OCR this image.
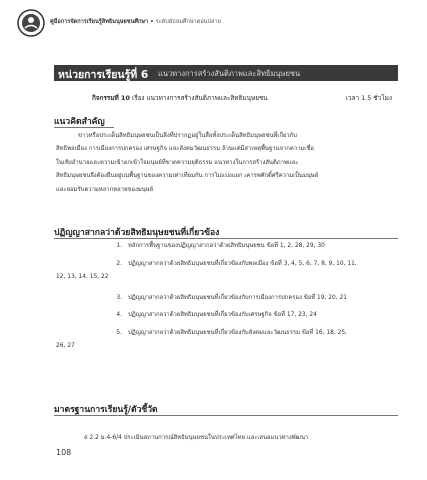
คู่มือการจัดการเรียนรู้สิทธิมนุษยชนศึกษา • ระดับมัธยมศึกษาตอนปลาย
หน่วยการเรียนรู้ที่ 6 แนวทางการสร้างสันติภาพและสิทธิมนุษยชน
กิจกรรมที่ 10 เรื่อง แนวทางการสร้างสันติภาพและสิทธิมนุษยชน	เวลา 1.5 ชั่วโมง
แนวคิดสำคัญ
ข่าวหรือประเด็นสิทธิมนุษยชนเป็นสิ่งที่ปรากฏอยู่ในสื่อทั้งประเด็นสิทธิมนุษยชนที่เกี่ยวกับ
สิทธิพลเมือง การเมืองการปกครอง เศรษฐกิจ และสังคมวัฒนธรรม ล้วนแต่มีสาเหตุพื้นฐานจากความเชื่อ
ในเชิงอำนาจและความเข้าอกเข้าใจมนุษย์ที่ขาดความยุติธรรม แนวทางในการสร้างสันติภาพและ
สิทธิมนุษยชนจึงต้องยืนอยู่บนพื้นฐานของความเท่าเทียมกัน การไม่แบ่งแยก เคารพศักดิ์ศรีความเป็นมนุษย์
และยอมรับความหลากหลายของมนุษย์
ปฏิญญาสากลว่าด้วยสิทธิมนุษยชนที่เกี่ยวข้อง
1. หลักการพื้นฐานของปฏิญญาสากลว่าด้วยสิทธิมนุษยชน ข้อที่ 1, 2, 28, 29, 30
2. ปฏิญญาสากลว่าด้วยสิทธิมนุษยชนที่เกี่ยวข้องกับพลเมือง ข้อที่ 3, 4, 5, 6, 7, 8, 9, 10, 11,
12, 13, 14, 15, 22
3. ปฏิญญาสากลว่าด้วยสิทธิมนุษยชนที่เกี่ยวข้องกับการเมืองการปกครอง ข้อที่ 19, 20, 21
4. ปฏิญญาสากลว่าด้วยสิทธิมนุษยชนที่เกี่ยวข้องกับเศรษฐกิจ ข้อที่ 17, 23, 24
5. ปฏิญญาสากลว่าด้วยสิทธิมนุษยชนที่เกี่ยวข้องกับสังคมและวัฒนธรรม ข้อที่ 16, 18, 25,
26, 27
มาตรฐานการเรียนรู้/ตัวชี้วัด
ส 2.2 ม.4-6/4 ประเมินสถานการณ์สิทธิมนุษยชนในประเทศไทย และเสนอแนวทางพัฒนา
108
